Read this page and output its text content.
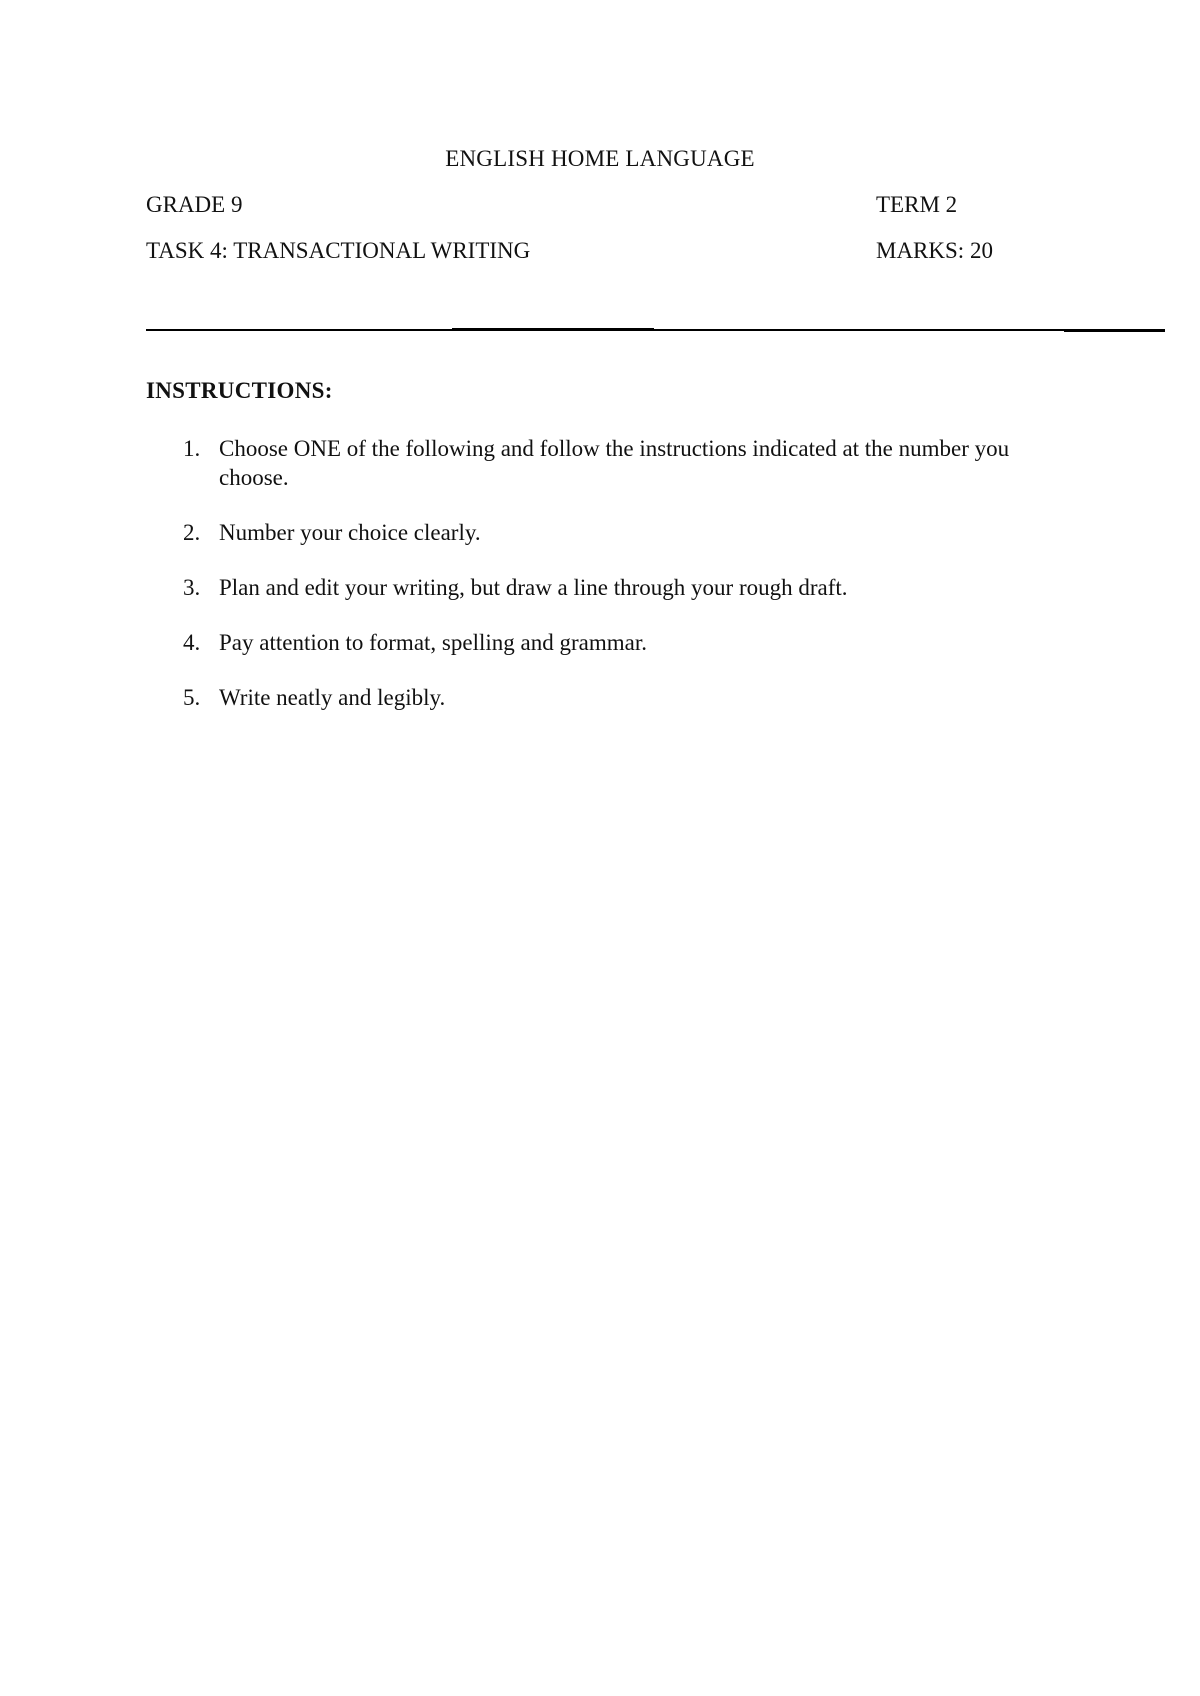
ENGLISH HOME LANGUAGE
GRADE 9	TERM 2
TASK 4: TRANSACTIONAL WRITING	MARKS: 20
INSTRUCTIONS:
1. Choose ONE of the following and follow the instructions indicated at the number you choose.
2. Number your choice clearly.
3. Plan and edit your writing, but draw a line through your rough draft.
4. Pay attention to format, spelling and grammar.
5. Write neatly and legibly.
